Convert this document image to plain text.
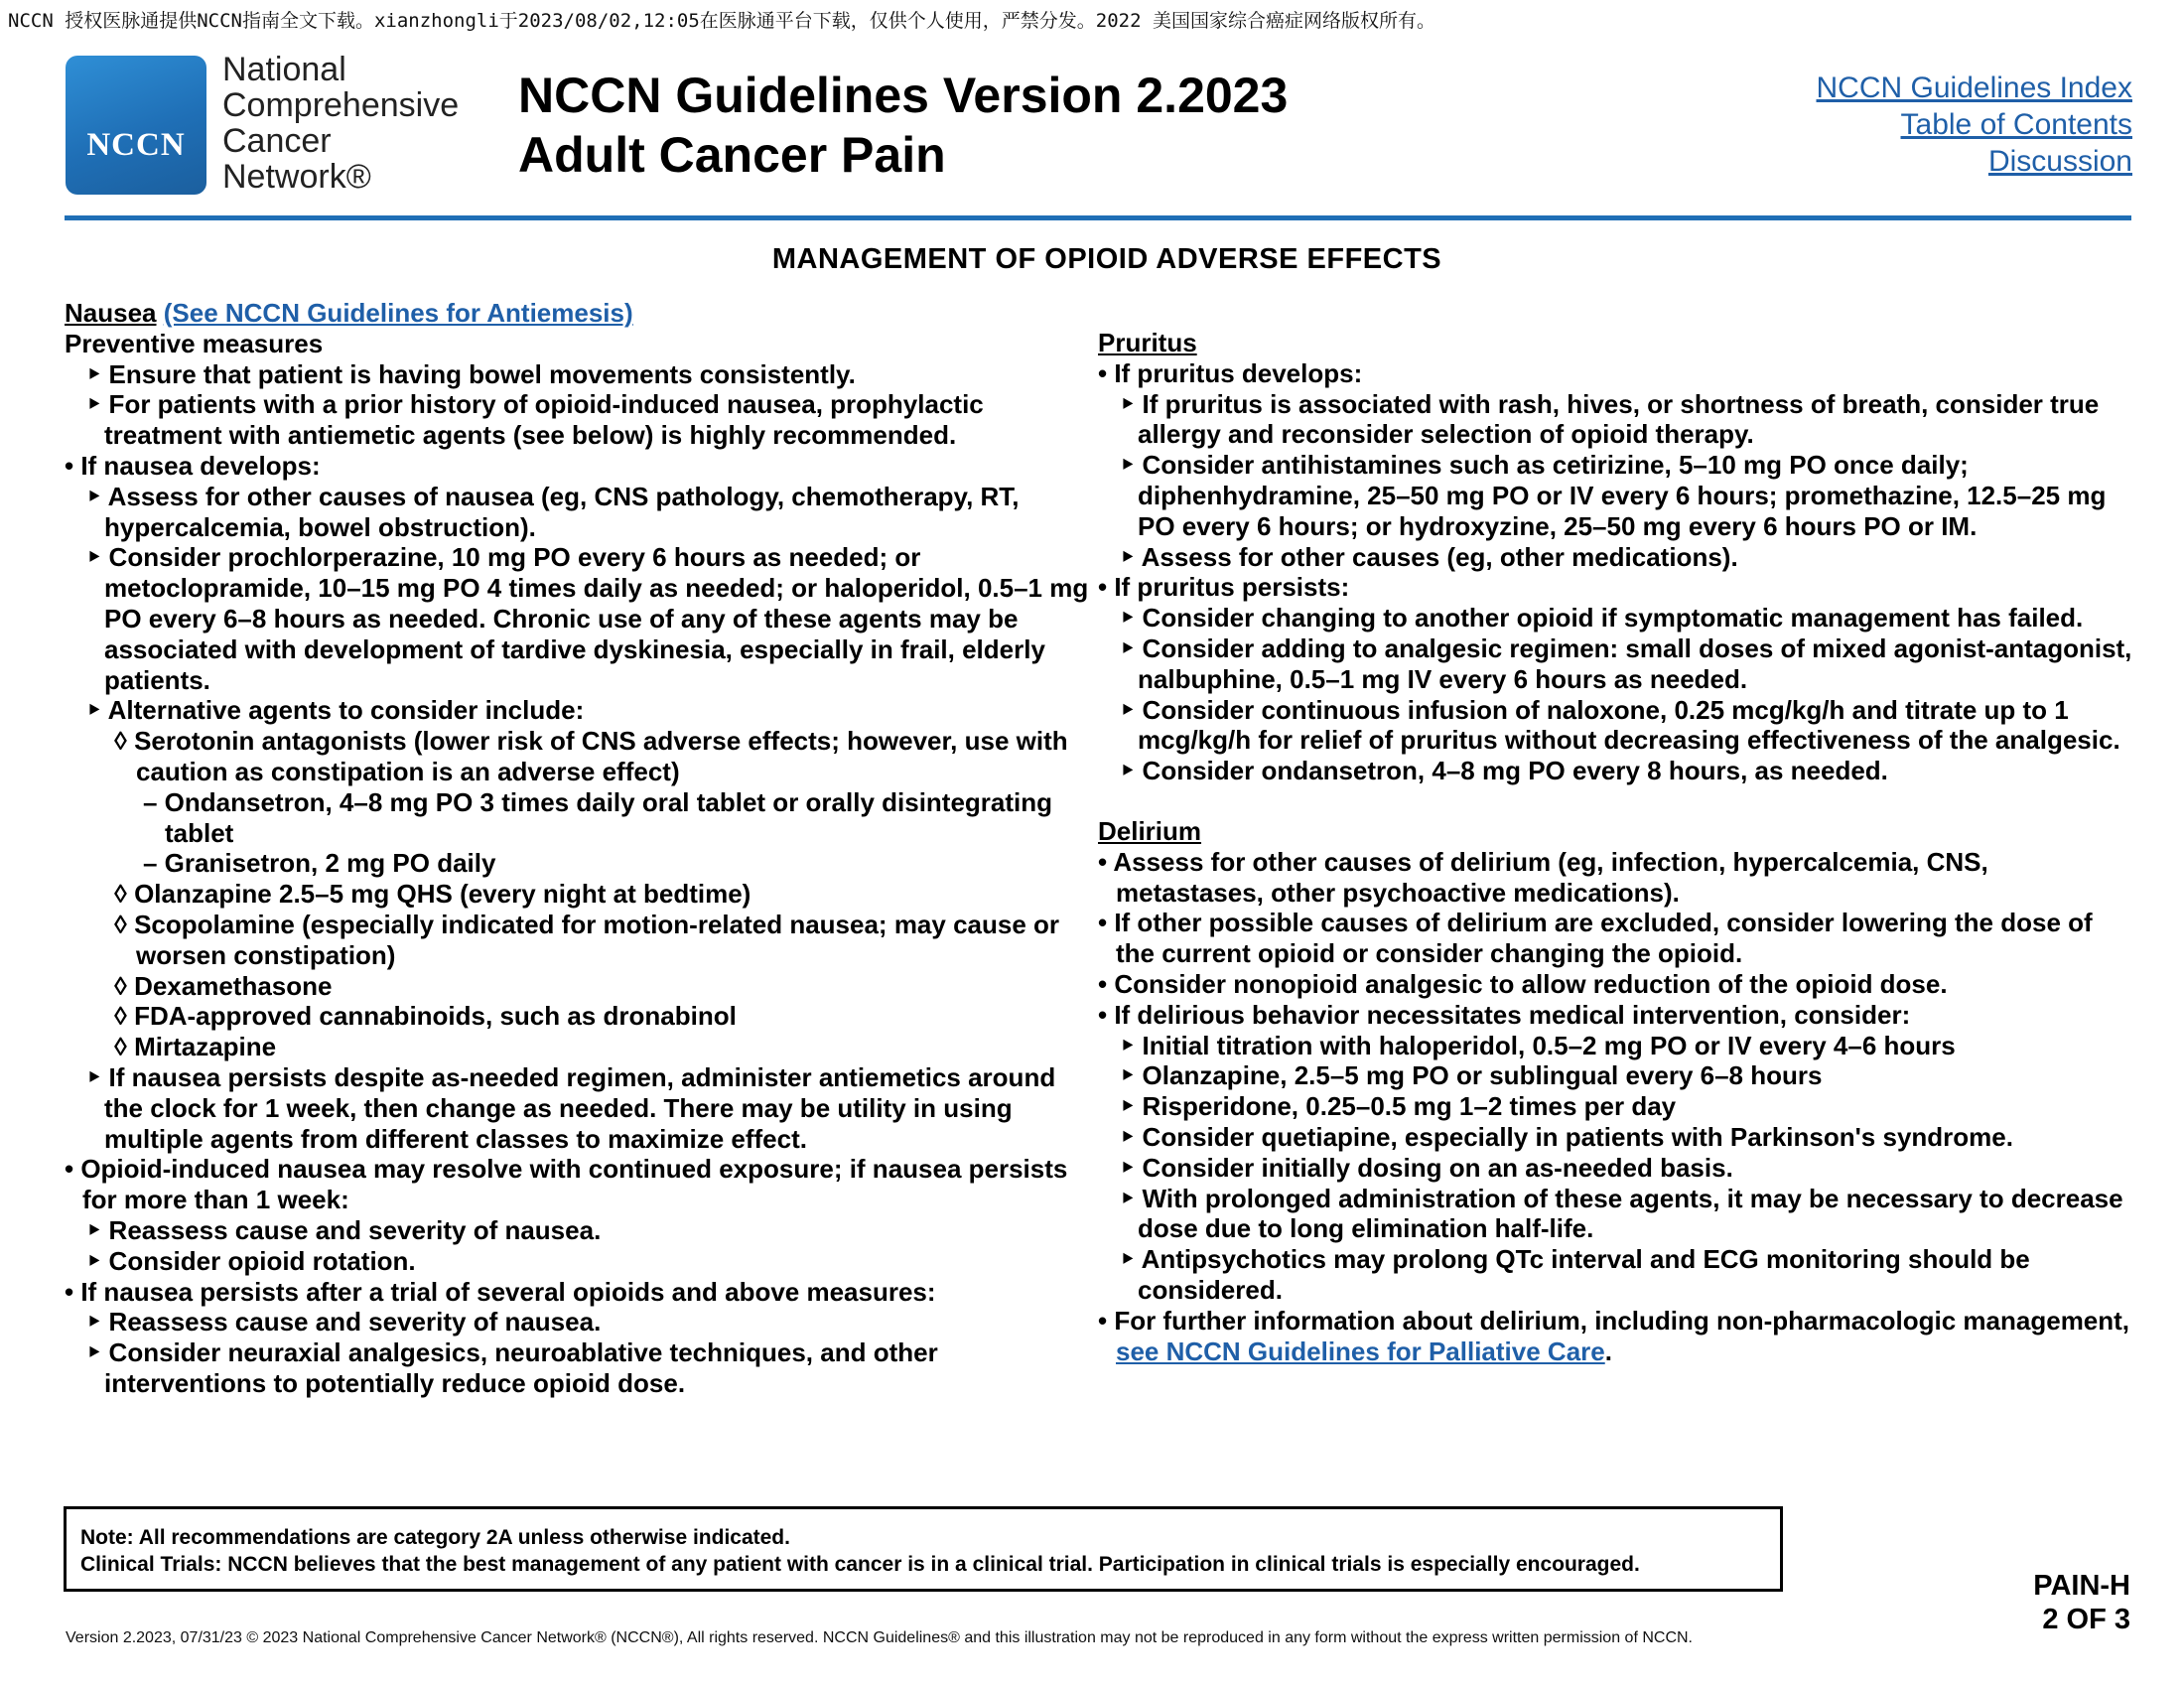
NCCN 授权医脉通提供NCCN指南全文下载。xianzhongli于2023/08/02,12:05在医脉通平台下载，仅供个人使用，严禁分发。2022 美国国家综合癌症网络版权所有。
NCCN
National
Comprehensive
Cancer
Network®
NCCN Guidelines Version 2.2023
Adult Cancer Pain
NCCN Guidelines Index
Table of Contents
Discussion
MANAGEMENT OF OPIOID ADVERSE EFFECTS

Nausea (See NCCN Guidelines for Antiemesis)

Preventive measures

‣ Ensure that patient is having bowel movements consistently.

‣ For patients with a prior history of opioid-induced nausea, prophylactic treatment with antiemetic agents (see below) is highly recommended.

• If nausea develops:

‣ Assess for other causes of nausea (eg, CNS pathology, chemotherapy, RT, hypercalcemia, bowel obstruction).

‣ Consider prochlorperazine, 10 mg PO every 6 hours as needed; or metoclopramide, 10–15 mg PO 4 times daily as needed; or haloperidol, 0.5–1 mg PO every 6–8 hours as needed. Chronic use of any of these agents may be associated with development of tardive dyskinesia, especially in frail, elderly patients.

‣ Alternative agents to consider include:

◊ Serotonin antagonists (lower risk of CNS adverse effects; however, use with caution as constipation is an adverse effect)

– Ondansetron, 4–8 mg PO 3 times daily oral tablet or orally disintegrating tablet

– Granisetron, 2 mg PO daily

◊ Olanzapine 2.5–5 mg QHS (every night at bedtime)

◊ Scopolamine (especially indicated for motion-related nausea; may cause or worsen constipation)

◊ Dexamethasone

◊ FDA-approved cannabinoids, such as dronabinol

◊ Mirtazapine

‣ If nausea persists despite as-needed regimen, administer antiemetics around the clock for 1 week, then change as needed. There may be utility in using multiple agents from different classes to maximize effect.

• Opioid-induced nausea may resolve with continued exposure; if nausea persists for more than 1 week:

‣ Reassess cause and severity of nausea.

‣ Consider opioid rotation.

• If nausea persists after a trial of several opioids and above measures:

‣ Reassess cause and severity of nausea.

‣ Consider neuraxial analgesics, neuroablative techniques, and other interventions to potentially reduce opioid dose.

Pruritus

• If pruritus develops:

‣ If pruritus is associated with rash, hives, or shortness of breath, consider true allergy and reconsider selection of opioid therapy.

‣ Consider antihistamines such as cetirizine, 5–10 mg PO once daily; diphenhydramine, 25–50 mg PO or IV every 6 hours; promethazine, 12.5–25 mg PO every 6 hours; or hydroxyzine, 25–50 mg every 6 hours PO or IM.

‣ Assess for other causes (eg, other medications).

• If pruritus persists:

‣ Consider changing to another opioid if symptomatic management has failed.

‣ Consider adding to analgesic regimen: small doses of mixed agonist-antagonist, nalbuphine, 0.5–1 mg IV every 6 hours as needed.

‣ Consider continuous infusion of naloxone, 0.25 mcg/kg/h and titrate up to 1 mcg/kg/h for relief of pruritus without decreasing effectiveness of the analgesic.

‣ Consider ondansetron, 4–8 mg PO every 8 hours, as needed.

Delirium

• Assess for other causes of delirium (eg, infection, hypercalcemia, CNS, metastases, other psychoactive medications).

• If other possible causes of delirium are excluded, consider lowering the dose of the current opioid or consider changing the opioid.

• Consider nonopioid analgesic to allow reduction of the opioid dose.

• If delirious behavior necessitates medical intervention, consider:

‣ Initial titration with haloperidol, 0.5–2 mg PO or IV every 4–6 hours

‣ Olanzapine, 2.5–5 mg PO or sublingual every 6–8 hours

‣ Risperidone, 0.25–0.5 mg 1–2 times per day

‣ Consider quetiapine, especially in patients with Parkinson's syndrome.

‣ Consider initially dosing on an as-needed basis.

‣ With prolonged administration of these agents, it may be necessary to decrease dose due to long elimination half-life.

‣ Antipsychotics may prolong QTc interval and ECG monitoring should be considered.

• For further information about delirium, including non-pharmacologic management, see NCCN Guidelines for Palliative Care.

Note: All recommendations are category 2A unless otherwise indicated.
Clinical Trials: NCCN believes that the best management of any patient with cancer is in a clinical trial. Participation in clinical trials is especially encouraged.
PAIN-H
2 OF 3
Version 2.2023, 07/31/23 © 2023 National Comprehensive Cancer Network® (NCCN®), All rights reserved. NCCN Guidelines® and this illustration may not be reproduced in any form without the express written permission of NCCN.
